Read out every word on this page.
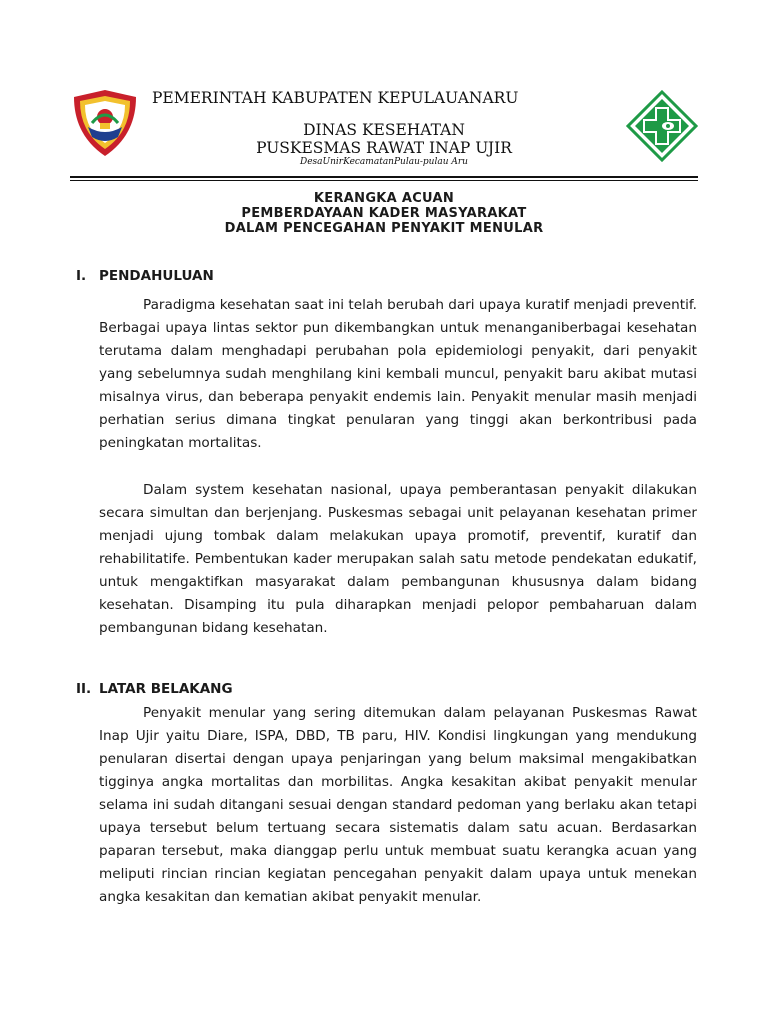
PEMERINTAH KABUPATEN KEPULAUANARU
DINAS KESEHATAN
PUSKESMAS RAWAT INAP UJIR
DesaUnirKecamatanPulau-pulau Aru
KERANGKA ACUAN
PEMBERDAYAAN KADER MASYARAKAT
DALAM PENCEGAHAN PENYAKIT MENULAR
I. PENDAHULUAN

Paradigma kesehatan saat ini telah berubah dari upaya kuratif menjadi preventif. Berbagai upaya lintas sektor pun dikembangkan untuk menanganiberbagai kesehatan terutama dalam menghadapi perubahan pola epidemiologi penyakit, dari penyakit yang sebelumnya sudah menghilang kini kembali muncul, penyakit baru akibat mutasi misalnya virus, dan beberapa penyakit endemis lain. Penyakit menular masih menjadi perhatian serius dimana tingkat penularan yang tinggi akan berkontribusi pada peningkatan mortalitas.

Dalam system kesehatan nasional, upaya pemberantasan penyakit dilakukan secara simultan dan berjenjang. Puskesmas sebagai unit pelayanan kesehatan primer menjadi ujung tombak dalam melakukan upaya promotif, preventif, kuratif dan rehabilitatife. Pembentukan kader merupakan salah satu metode pendekatan edukatif, untuk mengaktifkan masyarakat dalam pembangunan khususnya dalam bidang kesehatan. Disamping itu pula diharapkan menjadi pelopor pembaharuan dalam pembangunan bidang kesehatan.

II. LATAR BELAKANG

Penyakit menular yang sering ditemukan dalam pelayanan Puskesmas Rawat Inap Ujir yaitu Diare, ISPA, DBD, TB paru, HIV. Kondisi lingkungan yang mendukung penularan disertai dengan upaya penjaringan yang belum maksimal mengakibatkan tigginya angka mortalitas dan morbilitas. Angka kesakitan akibat penyakit menular selama ini sudah ditangani sesuai dengan standard pedoman yang berlaku akan tetapi upaya tersebut belum tertuang secara sistematis dalam satu acuan. Berdasarkan paparan tersebut, maka dianggap perlu untuk membuat suatu kerangka acuan yang meliputi rincian rincian kegiatan pencegahan penyakit dalam upaya untuk menekan angka kesakitan dan kematian akibat penyakit menular.
